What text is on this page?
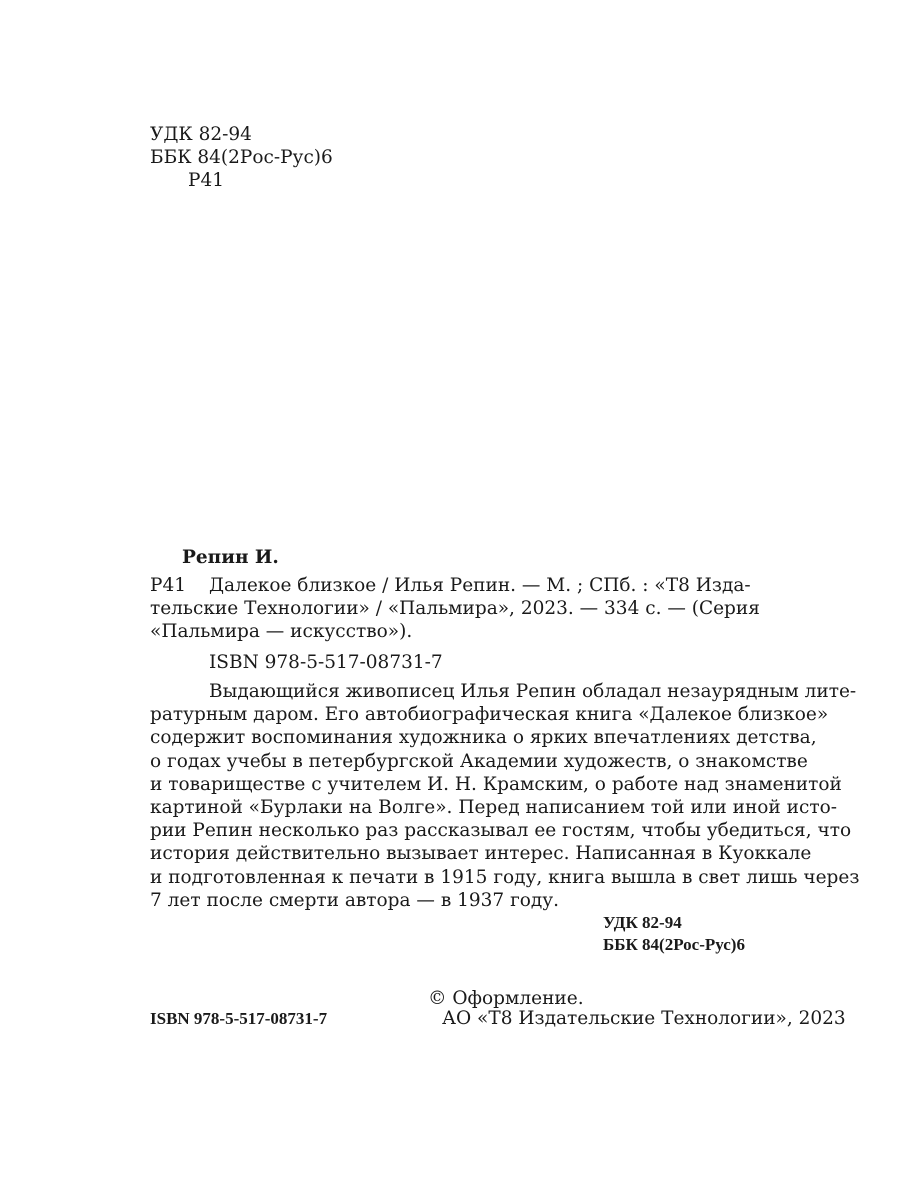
УДК 82-94
ББК 84(2Рос-Рус)6
Р41
Репин И.
Р41	Далекое близкое / Илья Репин. — М. ; СПб. : «Т8 Изда-
тельские Технологии» / «Пальмира», 2023. — 334 с. — (Серия
«Пальмира — искусство»).
ISBN 978-5-517-08731-7
Выдающийся живописец Илья Репин обладал незаурядным лите-
ратурным даром. Его автобиографическая книга «Далекое близкое»
содержит воспоминания художника о ярких впечатлениях детства,
о годах учебы в петербургской Академии художеств, о знакомстве
и товариществе с учителем И. Н. Крамским, о работе над знаменитой
картиной «Бурлаки на Волге». Перед написанием той или иной исто-
рии Репин несколько раз рассказывал ее гостям, чтобы убедиться, что
история действительно вызывает интерес. Написанная в Куоккале
и подготовленная к печати в 1915 году, книга вышла в свет лишь через
7 лет после смерти автора — в 1937 году.
УДК 82-94
ББК 84(2Рос-Рус)6
© Оформление.
ISBN 978-5-517-08731-7	АО «Т8 Издательские Технологии», 2023
